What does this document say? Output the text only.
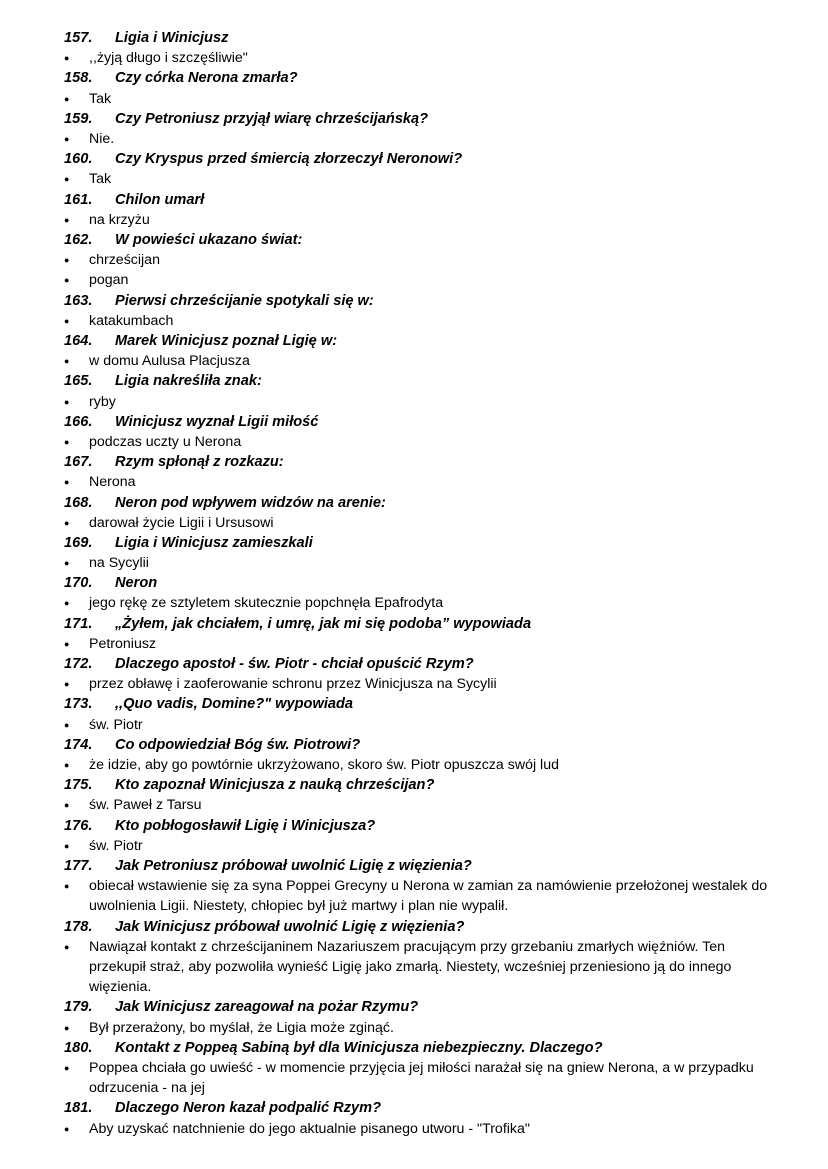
157.	Ligia i Winicjusz
● ,,żyją długo i szczęśliwie"
158.	Czy córka Nerona zmarła?
● Tak
159.	Czy Petroniusz przyjął wiarę chrześcijańską?
● Nie.
160.	Czy Kryspus przed śmiercią złorzeczył Neronowi?
● Tak
161.	Chilon umarł
● na krzyżu
162.	W powieści ukazano świat:
● chrześcijan
● pogan
163.	Pierwsi chrześcijanie spotykali się w:
● katakumbach
164.	Marek Winicjusz poznał Ligię w:
● w domu Aulusa Placjusza
165.	Ligia nakreśliła znak:
● ryby
166.	Winicjusz wyznał Ligii miłość
● podczas uczty u Nerona
167.	Rzym spłonął z rozkazu:
● Nerona
168.	Neron pod wpływem widzów na arenie:
● darował życie Ligii i Ursusowi
169.	Ligia i Winicjusz zamieszkali
● na Sycylii
170.	Neron
● jego rękę ze sztyletem skutecznie popchnęła Epafrodyta
171.	„Żyłem, jak chciałem, i umrę, jak mi się podoba” wypowiada
● Petroniusz
172.	Dlaczego apostoł - św. Piotr - chciał opuścić Rzym?
● przez obławę i zaoferowanie schronu przez Winicjusza na Sycylii
173.	,,Quo vadis, Domine?" wypowiada
● św. Piotr
174.	Co odpowiedział Bóg św. Piotrowi?
● że idzie, aby go powtórnie ukrzyżowano, skoro św. Piotr opuszcza swój lud
175.	Kto zapoznał Winicjusza z nauką chrześcijan?
● św. Paweł z Tarsu
176.	Kto pobłogosławił Ligię i Winicjusza?
● św. Piotr
177.	Jak Petroniusz próbował uwolnić Ligię z więzienia?
● obiecał wstawienie się za syna Poppei Grecyny u Nerona w zamian za namówienie przełożonej westalek do uwolnienia Ligii. Niestety, chłopiec był już martwy i plan nie wypalił.
178.	Jak Winicjusz próbował uwolnić Ligię z więzienia?
● Nawiązał kontakt z chrześcijaninem Nazariuszem pracującym przy grzebaniu zmarłych więźniów. Ten przekupił straż, aby pozwoliła wynieść Ligię jako zmarłą. Niestety, wcześniej przeniesiono ją do innego więzienia.
179.	Jak Winicjusz zareagował na pożar Rzymu?
● Był przerażony, bo myślał, że Ligia może zginąć.
180.	Kontakt z Poppeą Sabiną był dla Winicjusza niebezpieczny. Dlaczego?
● Poppea chciała go uwieść - w momencie przyjęcia jej miłości narażał się na gniew Nerona, a w przypadku odrzucenia - na jej
181.	Dlaczego Neron kazał podpalić Rzym?
● Aby uzyskać natchnienie do jego aktualnie pisanego utworu - "Trofika"
